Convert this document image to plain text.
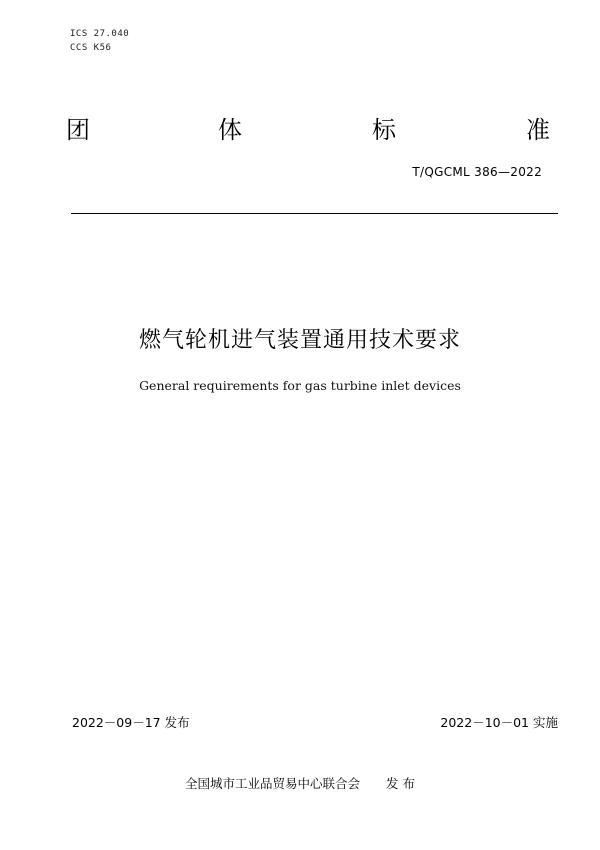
ICS 27.040
CCS K56
团	体	标	准
T/QGCML 386—2022
燃气轮机进气装置通用技术要求
General requirements for gas turbine inlet devices
2022－09－17 发布	2022－10－01 实施
全国城市工业品贸易中心联合会 发 布
